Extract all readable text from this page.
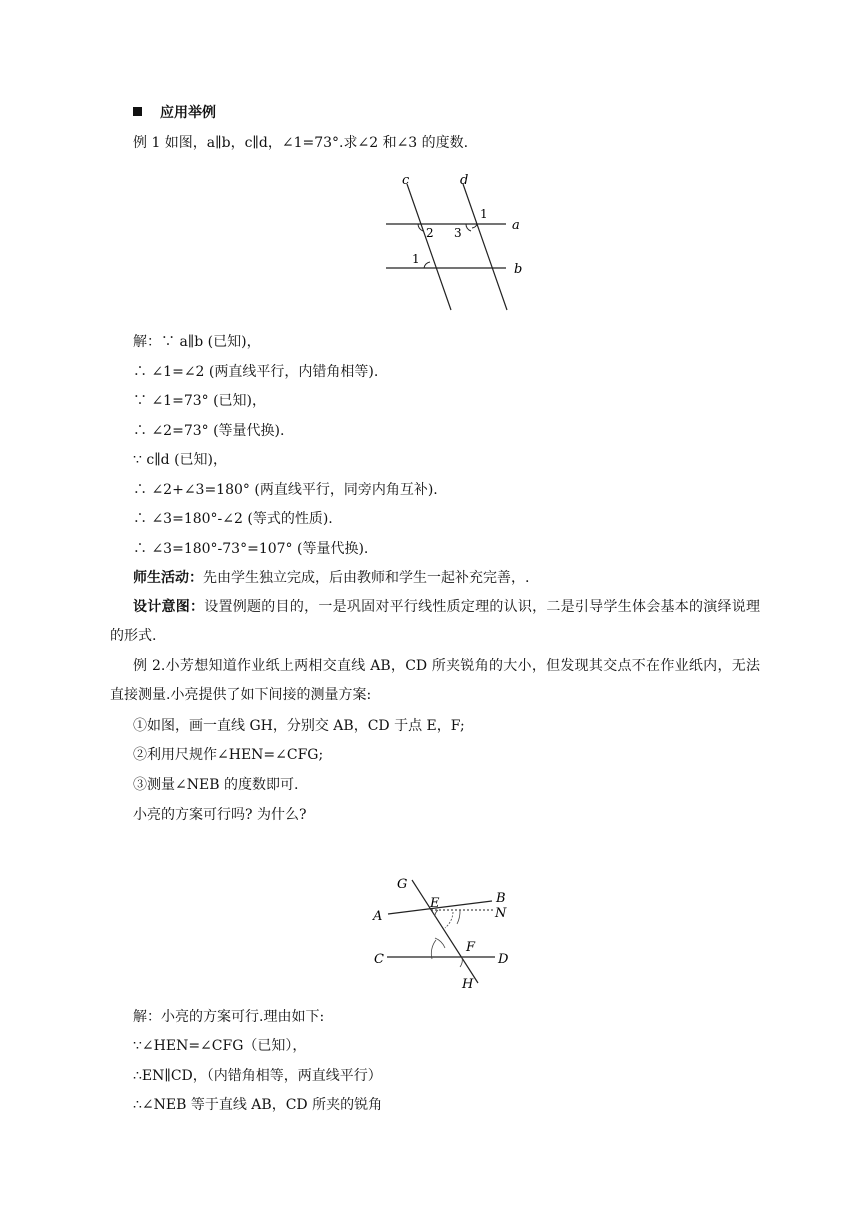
应用举例
例 1 如图，a∥b，c∥d，∠1=73°.求∠2 和∠3 的度数.
c	d
a
b
1
2 3
1
解：∵ a∥b (已知)，
∴ ∠1=∠2 (两直线平行，内错角相等).
∵ ∠1=73° (已知)，
∴ ∠2=73° (等量代换).
∵ c∥d (已知)，
∴ ∠2+∠3=180° (两直线平行，同旁内角互补).
∴ ∠3=180°-∠2 (等式的性质).
∴ ∠3=180°-73°=107° (等量代换).
师生活动：先由学生独立完成，后由教师和学生一起补充完善，.
设计意图：设置例题的目的，一是巩固对平行线性质定理的认识，二是引导学生体会基本的演绎说理的形式.
例 2.小芳想知道作业纸上两相交直线 AB，CD 所夹锐角的大小，但发现其交点不在作业纸内，无法直接测量.小亮提供了如下间接的测量方案:
①如图，画一直线 GH，分别交 AB，CD 于点 E，F;
②利用尺规作∠HEN=∠CFG;
③测量∠NEB 的度数即可.
小亮的方案可行吗? 为什么?
G
B
E
N
A
F
C	D
H
解：小亮的方案可行.理由如下:
∵∠HEN=∠CFG（已知），
∴EN∥CD，（内错角相等，两直线平行）
∴∠NEB 等于直线 AB，CD 所夹的锐角
